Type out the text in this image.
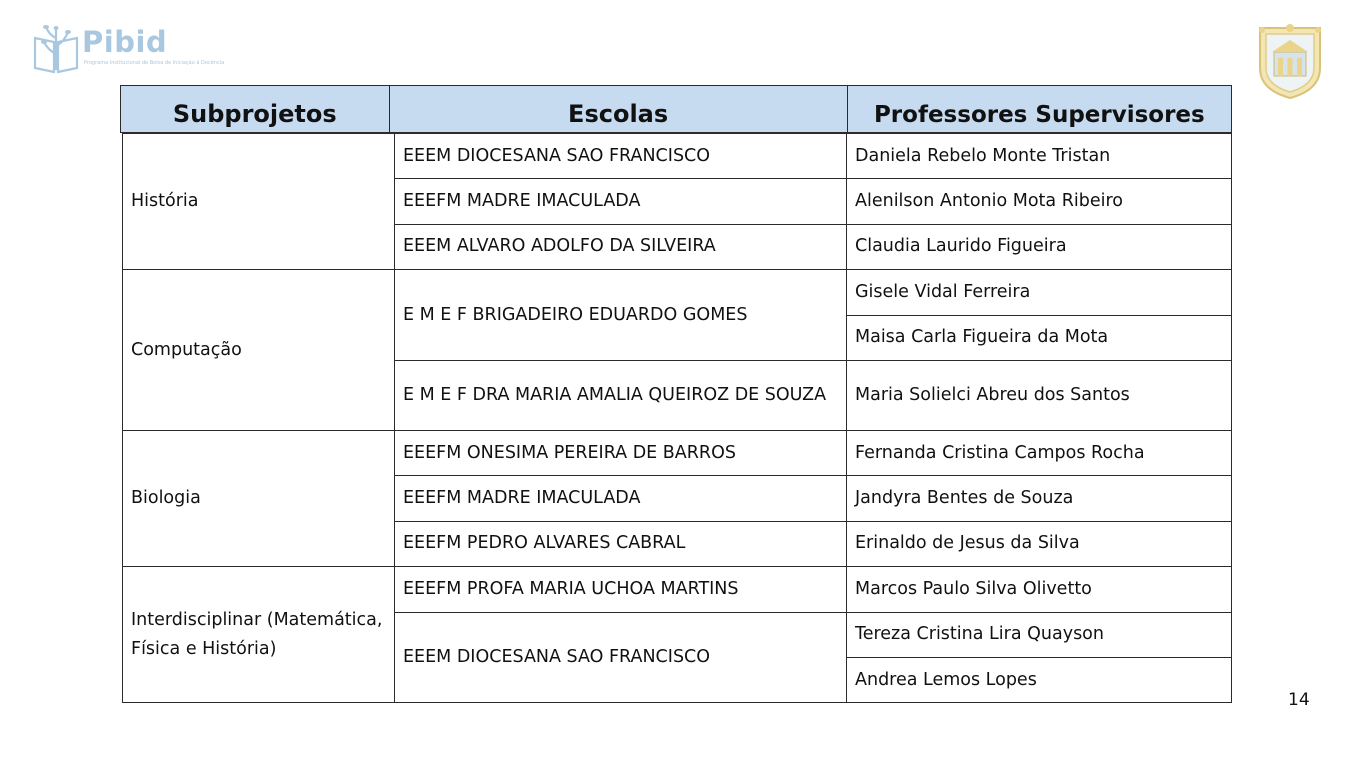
Pibid
Programa Institucional de Bolsa de Iniciação à Docência
Subprojetos	Escolas	Professores Supervisores
História	EEEM DIOCESANA SAO FRANCISCO	Daniela Rebelo Monte Tristan
	EEEFM MADRE IMACULADA	Alenilson Antonio Mota Ribeiro
	EEEM ALVARO ADOLFO DA SILVEIRA	Claudia Laurido Figueira
Computação	E M E F BRIGADEIRO EDUARDO GOMES	Gisele Vidal Ferreira
		Maisa Carla Figueira da Mota
	E M E F DRA MARIA AMALIA QUEIROZ DE SOUZA	Maria Solielci Abreu dos Santos
Biologia	EEEFM ONESIMA PEREIRA DE BARROS	Fernanda Cristina Campos Rocha
	EEEFM MADRE IMACULADA	Jandyra Bentes de Souza
	EEEFM PEDRO ALVARES CABRAL	Erinaldo de Jesus da Silva
Interdisciplinar (Matemática, Física e História)	EEEFM PROFA MARIA UCHOA MARTINS	Marcos Paulo Silva Olivetto
	EEEM DIOCESANA SAO FRANCISCO	Tereza Cristina Lira Quayson
		Andrea Lemos Lopes
14
